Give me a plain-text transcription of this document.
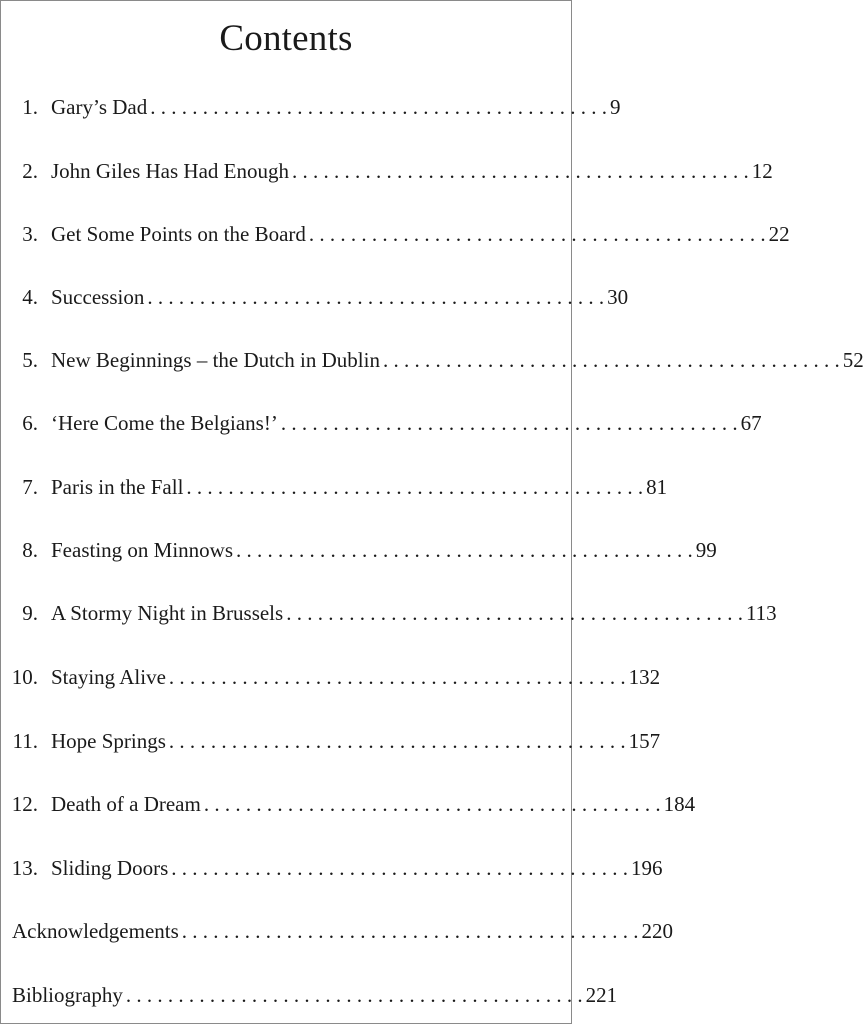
Contents
1. Gary’s Dad . . . . . . . . . . . . . . . . . . . . . . . . . . . . . . . . . . . . . . . . . . . . 9
2. John Giles Has Had Enough . . . . . . . . . . . . . . . . . . . . . . . . . . . . . . . . . . . . . . . . . . . . 12
3. Get Some Points on the Board . . . . . . . . . . . . . . . . . . . . . . . . . . . . . . . . . . . . . . . . . . . . 22
4. Succession . . . . . . . . . . . . . . . . . . . . . . . . . . . . . . . . . . . . . . . . . . . . 30
5. New Beginnings – the Dutch in Dublin . . . . . . . . . . . . . . . . . . . . . . . . . . . . . . . . . . . . . . . . . . . . 52
6. ‘Here Come the Belgians!’ . . . . . . . . . . . . . . . . . . . . . . . . . . . . . . . . . . . . . . . . . . . . 67
7. Paris in the Fall . . . . . . . . . . . . . . . . . . . . . . . . . . . . . . . . . . . . . . . . . . . . 81
8. Feasting on Minnows . . . . . . . . . . . . . . . . . . . . . . . . . . . . . . . . . . . . . . . . . . . . 99
9. A Stormy Night in Brussels . . . . . . . . . . . . . . . . . . . . . . . . . . . . . . . . . . . . . . . . . . . . 113
10. Staying Alive . . . . . . . . . . . . . . . . . . . . . . . . . . . . . . . . . . . . . . . . . . . . 132
11. Hope Springs . . . . . . . . . . . . . . . . . . . . . . . . . . . . . . . . . . . . . . . . . . . . 157
12. Death of a Dream . . . . . . . . . . . . . . . . . . . . . . . . . . . . . . . . . . . . . . . . . . . . 184
13. Sliding Doors . . . . . . . . . . . . . . . . . . . . . . . . . . . . . . . . . . . . . . . . . . . . 196
Acknowledgements . . . . . . . . . . . . . . . . . . . . . . . . . . . . . . . . . . . . . . . . . . . . 220
Bibliography . . . . . . . . . . . . . . . . . . . . . . . . . . . . . . . . . . . . . . . . . . . . 221
